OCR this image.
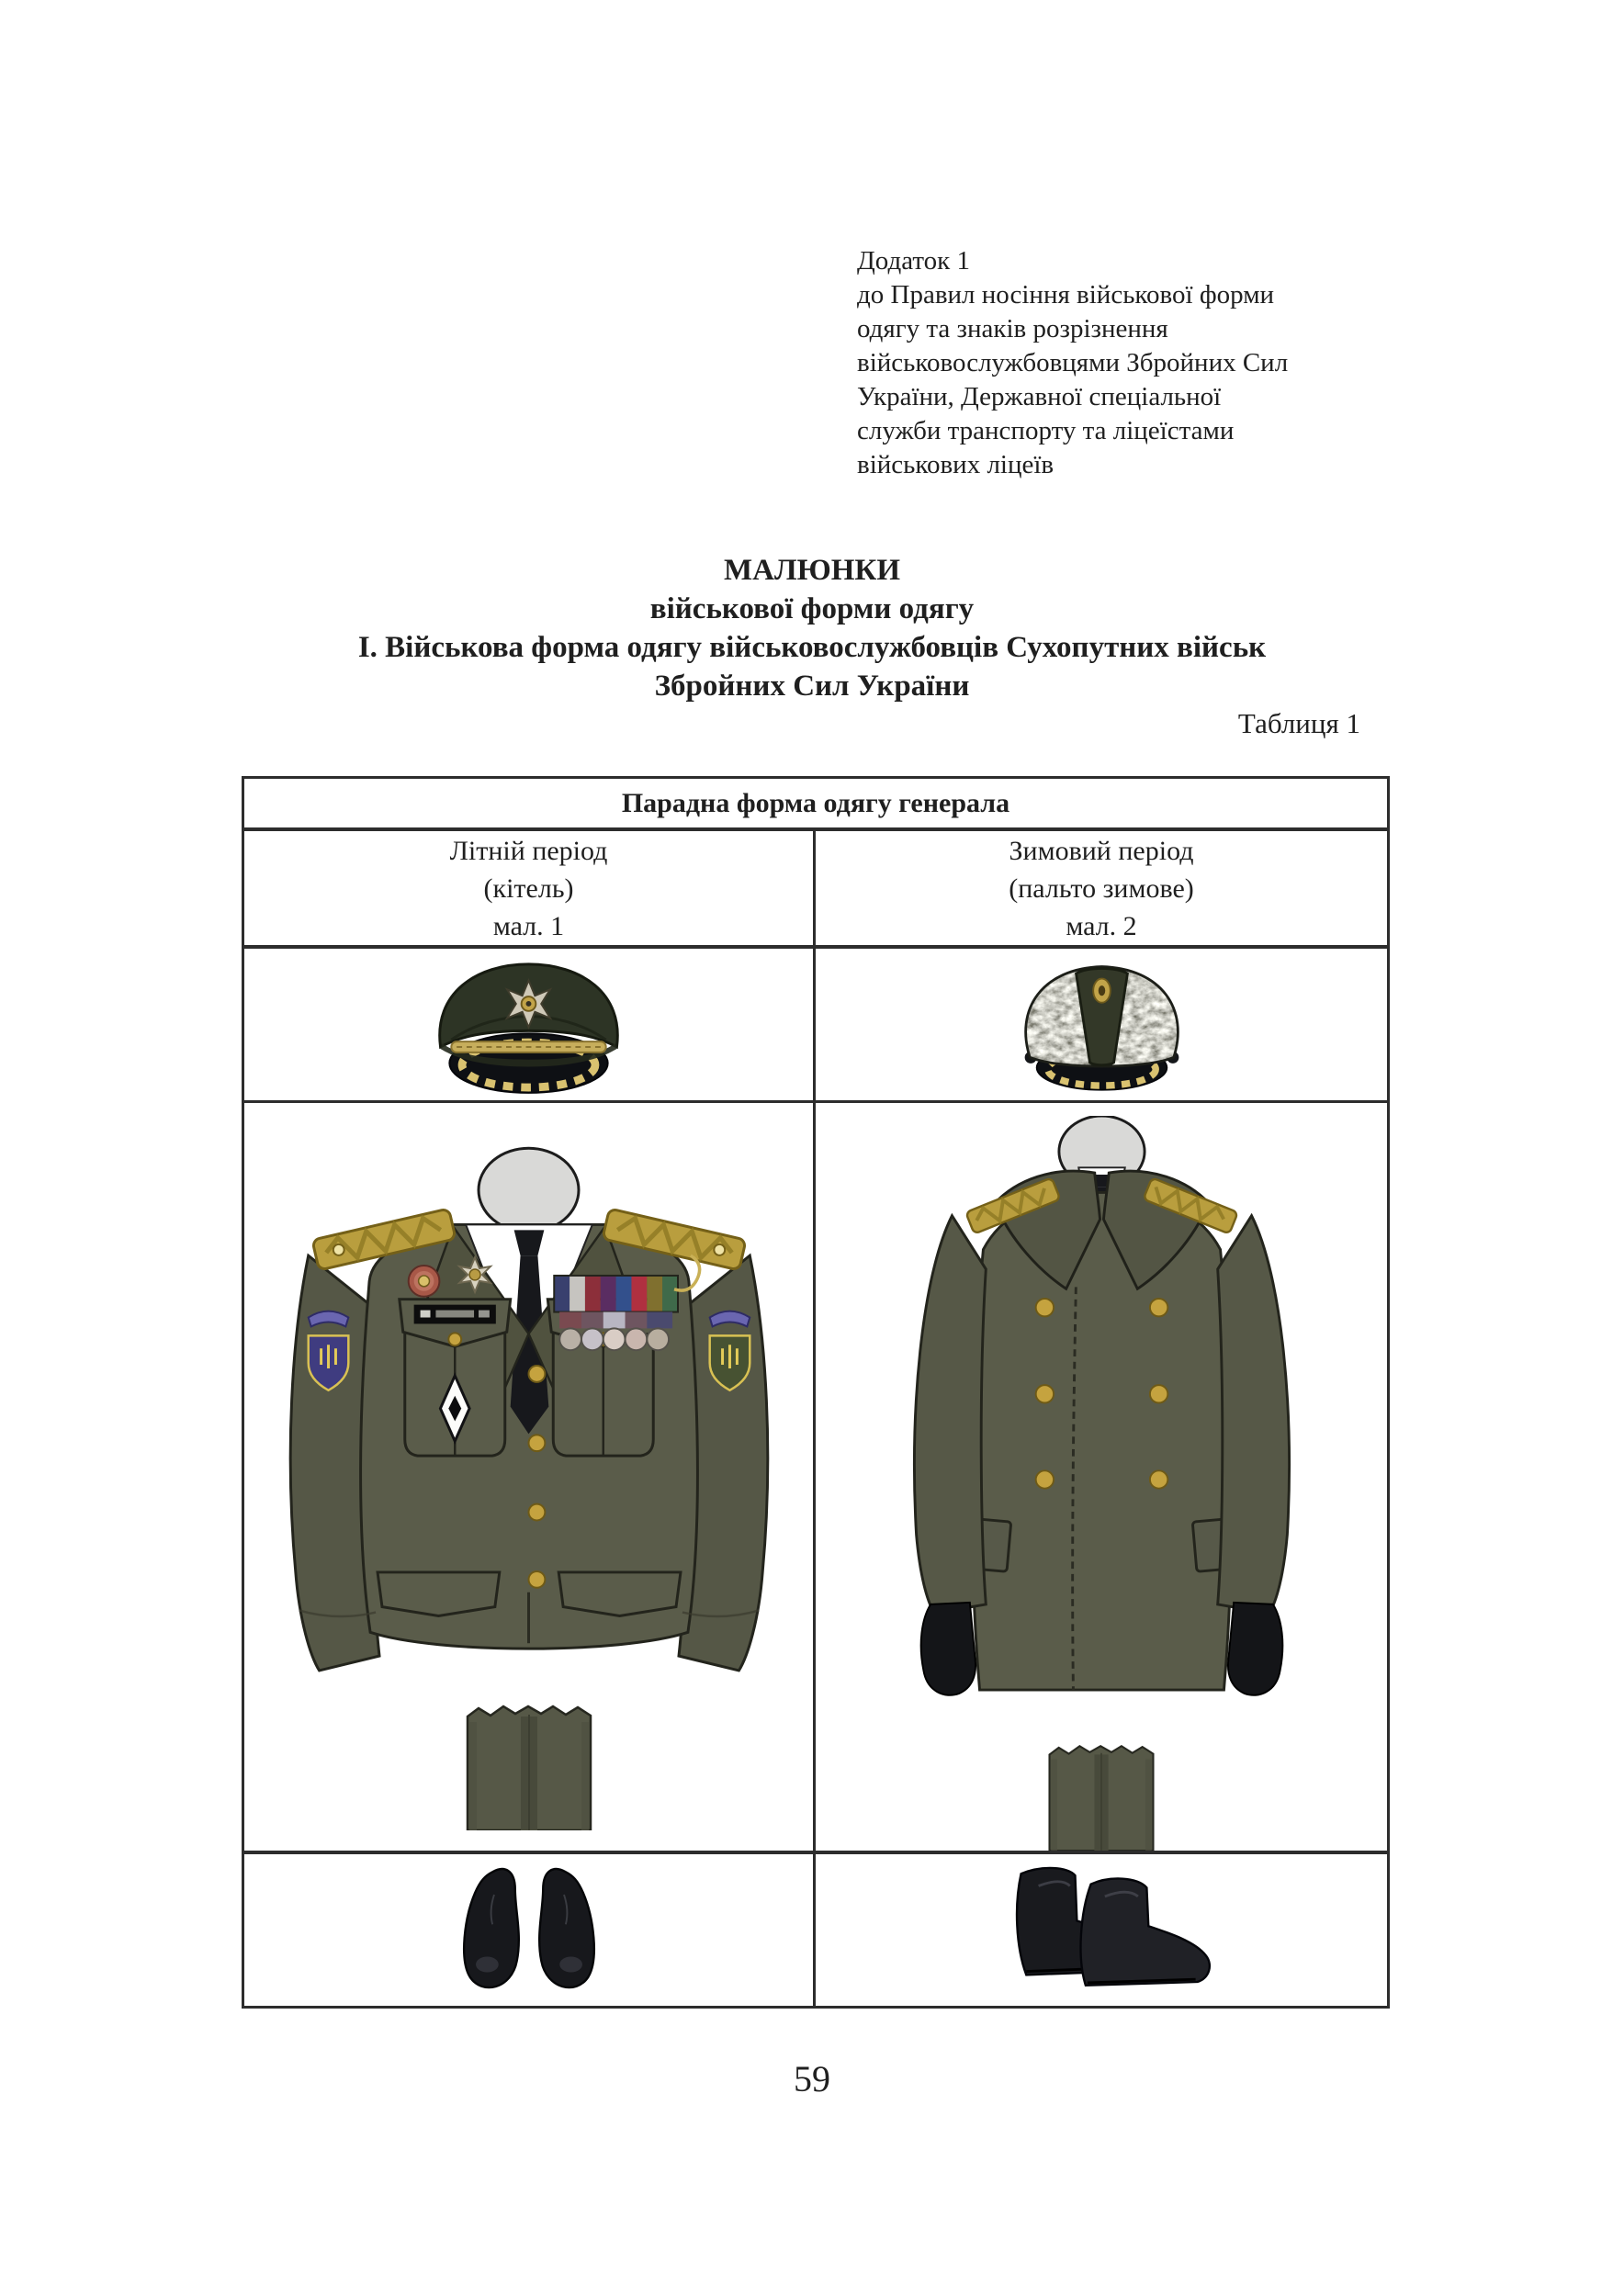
Додаток 1
до Правил носіння військової форми
одягу та знаків розрізнення
військовослужбовцями Збройних Сил
України, Державної спеціальної
служби транспорту та ліцеїстами
військових ліцеїв
МАЛЮНКИ
військової форми одягу
І. Військова форма одягу військовослужбовців Сухопутних військ
Збройних Сил України
Таблиця 1
Парадна форма одягу генерала
Літній період
(кітель)
мал. 1
Зимовий період
(пальто зимове)
мал. 2
59
